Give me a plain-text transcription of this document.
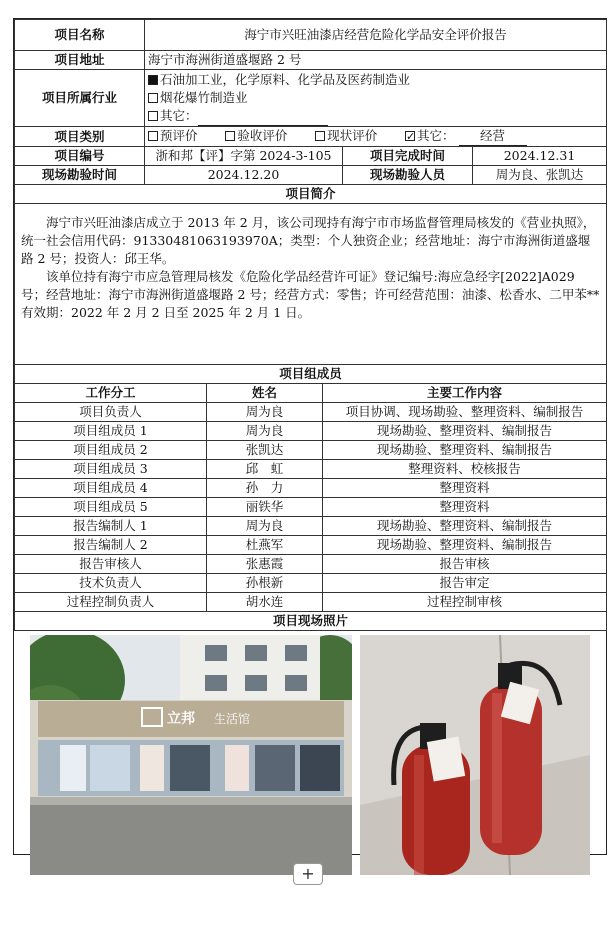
项目名称	海宁市兴旺油漆店经营危险化学品安全评价报告		
项目地址	海宁市海洲街道盛堰路 2 号		
项目所属行业	石油加工业，化学原料、化学品及医药制造业
烟花爆竹制造业
其它：		

项目类别	预评价 验收评价 现状评价 ✓ 其它： 经营
项目编号	浙和邦【评】字第 2024-3-105	项目完成时间	2024.12.31
现场勘验时间	2024.12.20	现场勘验人员	周为良、张凯达
项目简介			

海宁市兴旺油漆店成立于 2013 年 2 月，该公司现持有海宁市市场监督管理局核发的《营业执照》，统一社会信用代码：91330481063193970A；类型：个人独资企业；经营地址：海宁市海洲街道盛堰路 2 号；投资人：邱王华。

该单位持有海宁市应急管理局核发《危险化学品经营许可证》登记编号:海应急经字[2022]A029 号；经营地址：海宁市海洲街道盛堰路 2 号；经营方式：零售；许可经营范围：油漆、松香水、二甲苯**有效期：2022 年 2 月 2 日至 2025 年 2 月 1 日。			

项目组成员		
工作分工	姓名	主要工作内容
项目负责人	周为良	项目协调、现场勘验、整理资料、编制报告
项目组成员 1	周为良	现场勘验、整理资料、编制报告
项目组成员 2	张凯达	现场勘验、整理资料、编制报告
项目组成员 3	邱　虹	整理资料、校核报告
项目组成员 4	孙　力	整理资料
项目组成员 5	丽铁华	整理资料
报告编制人 1	周为良	现场勘验、整理资料、编制报告
报告编制人 2	杜燕军	现场勘验、整理资料、编制报告
报告审核人	张惠霞	报告审核
技术负责人	孙根新	报告审定
过程控制负责人	胡水连	过程控制审核
项目现场照片		
立邦 生活馆
+
